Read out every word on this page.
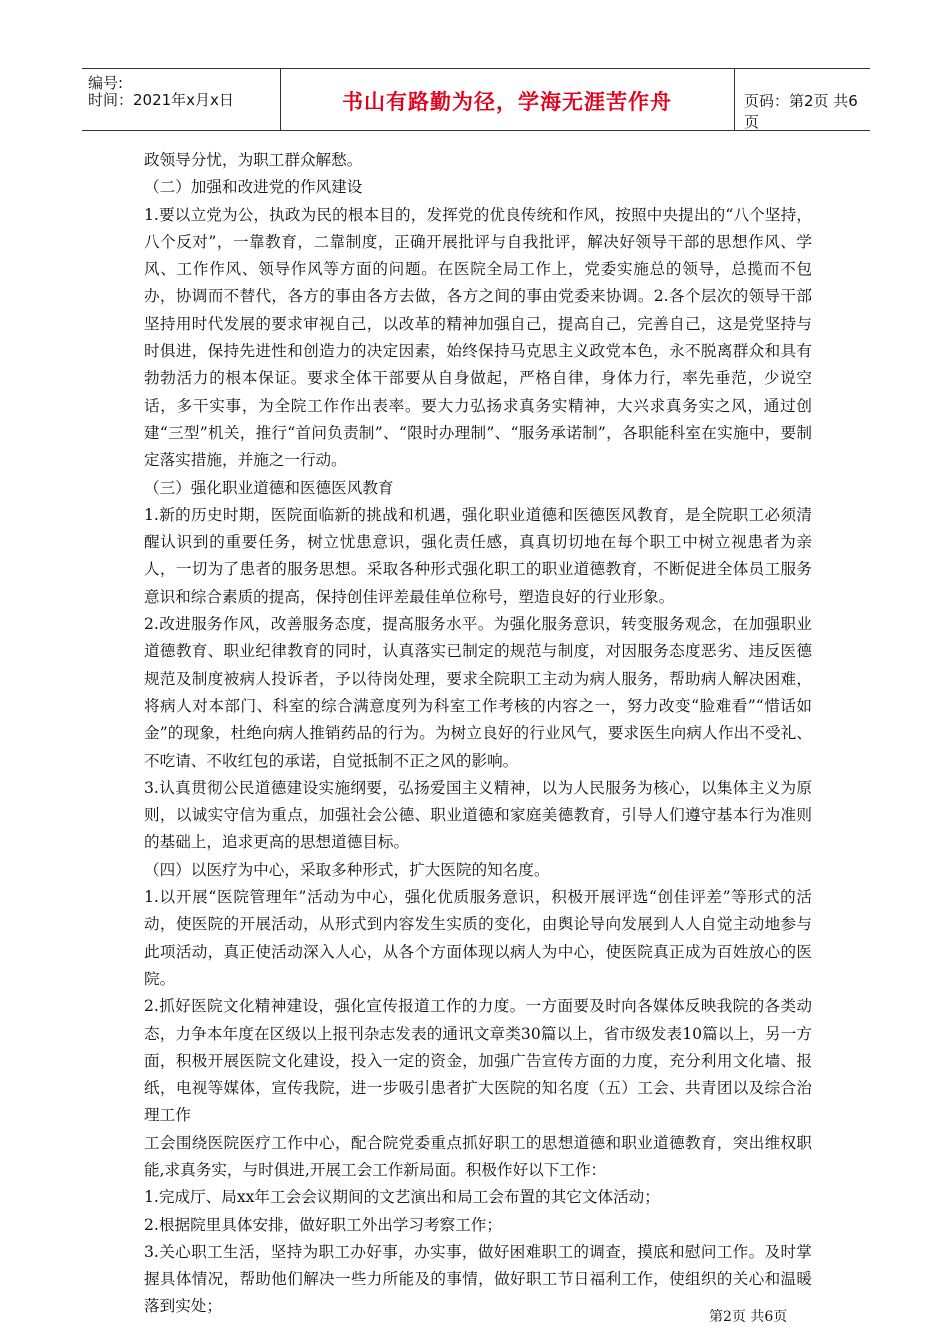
编号:
时间：2021年x月x日	书山有路勤为径，学海无涯苦作舟	页码：第2页 共6页

政领导分忧，为职工群众解愁。

（二）加强和改进党的作风建设

1.要以立党为公，执政为民的根本目的，发挥党的优良传统和作风，按照中央提出的“八个坚持，八个反对”，一靠教育，二靠制度，正确开展批评与自我批评，解决好领导干部的思想作风、学风、工作作风、领导作风等方面的问题。在医院全局工作上，党委实施总的领导，总揽而不包办，协调而不替代，各方的事由各方去做，各方之间的事由党委来协调。2.各个层次的领导干部坚持用时代发展的要求审视自己，以改革的精神加强自己，提高自己，完善自己，这是党坚持与时俱进，保持先进性和创造力的决定因素，始终保持马克思主义政党本色，永不脱离群众和具有勃勃活力的根本保证。要求全体干部要从自身做起，严格自律，身体力行，率先垂范，少说空话，多干实事，为全院工作作出表率。要大力弘扬求真务实精神，大兴求真务实之风，通过创建“三型”机关，推行“首问负责制”、“限时办理制”、“服务承诺制”，各职能科室在实施中，要制定落实措施，并施之一行动。

（三）强化职业道德和医德医风教育

1.新的历史时期，医院面临新的挑战和机遇，强化职业道德和医德医风教育，是全院职工必须清醒认识到的重要任务，树立忧患意识，强化责任感，真真切切地在每个职工中树立视患者为亲人，一切为了患者的服务思想。采取各种形式强化职工的职业道德教育，不断促进全体员工服务意识和综合素质的提高，保持创佳评差最佳单位称号，塑造良好的行业形象。

2.改进服务作风，改善服务态度，提高服务水平。为强化服务意识，转变服务观念，在加强职业道德教育、职业纪律教育的同时，认真落实已制定的规范与制度，对因服务态度恶劣、违反医德规范及制度被病人投诉者，予以待岗处理，要求全院职工主动为病人服务，帮助病人解决困难，将病人对本部门、科室的综合满意度列为科室工作考核的内容之一，努力改变“脸难看”“惜话如金”的现象，杜绝向病人推销药品的行为。为树立良好的行业风气，要求医生向病人作出不受礼、不吃请、不收红包的承诺，自觉抵制不正之风的影响。

3.认真贯彻公民道德建设实施纲要，弘扬爱国主义精神，以为人民服务为核心，以集体主义为原则，以诚实守信为重点，加强社会公德、职业道德和家庭美德教育，引导人们遵守基本行为准则的基础上，追求更高的思想道德目标。

（四）以医疗为中心，采取多种形式，扩大医院的知名度。

1.以开展“医院管理年”活动为中心，强化优质服务意识，积极开展评选“创佳评差”等形式的活动，使医院的开展活动，从形式到内容发生实质的变化，由舆论导向发展到人人自觉主动地参与此项活动，真正使活动深入人心，从各个方面体现以病人为中心，使医院真正成为百姓放心的医院。

2.抓好医院文化精神建设，强化宣传报道工作的力度。一方面要及时向各媒体反映我院的各类动态，力争本年度在区级以上报刊杂志发表的通讯文章类30篇以上，省市级发表10篇以上，另一方面，积极开展医院文化建设，投入一定的资金，加强广告宣传方面的力度，充分利用文化墙、报纸，电视等媒体，宣传我院，进一步吸引患者扩大医院的知名度（五）工会、共青团以及综合治理工作

工会围绕医院医疗工作中心，配合院党委重点抓好职工的思想道德和职业道德教育，突出维权职能,求真务实，与时俱进,开展工会工作新局面。积极作好以下工作：

1.完成厅、局xx年工会会议期间的文艺演出和局工会布置的其它文体活动；

2.根据院里具体安排，做好职工外出学习考察工作；

3.关心职工生活，坚持为职工办好事，办实事，做好困难职工的调查，摸底和慰问工作。及时掌握具体情况，帮助他们解决一些力所能及的事情，做好职工节日福利工作，使组织的关心和温暖落到实处；

第2页 共6页
